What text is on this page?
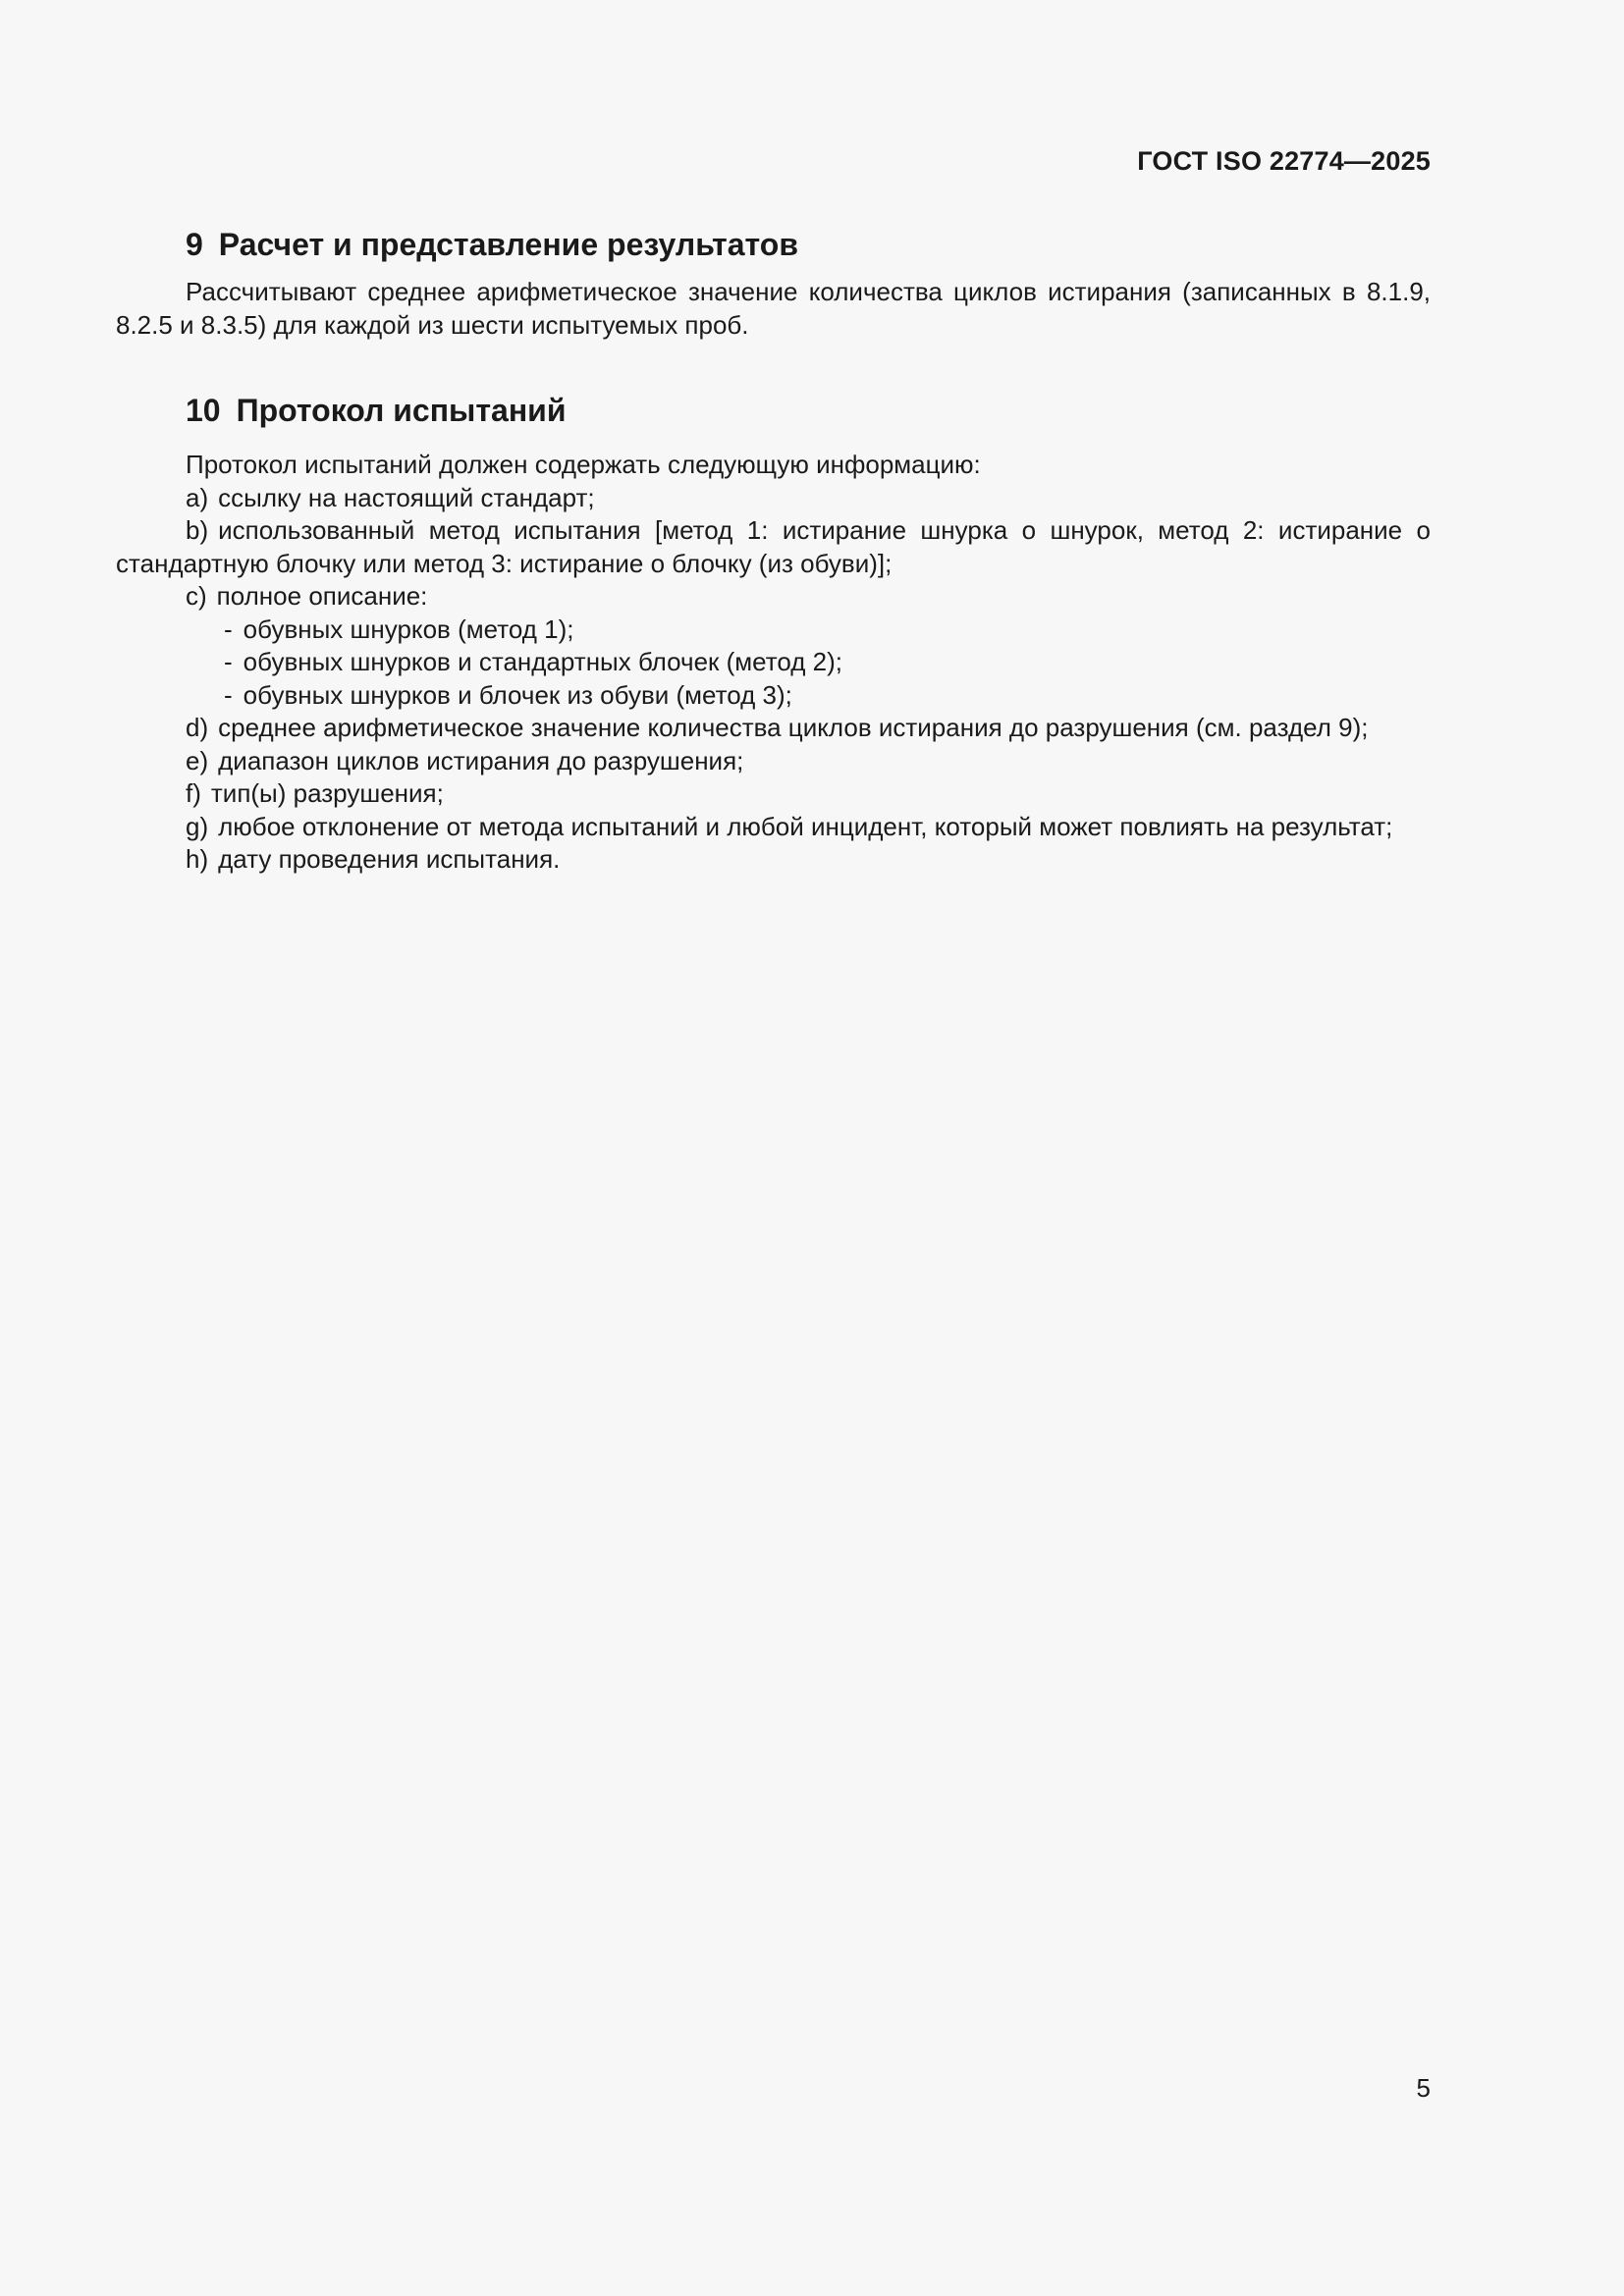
ГОСТ ISO 22774—2025
9 Расчет и представление результатов

Рассчитывают среднее арифметическое значение количества циклов истирания (записанных в 8.1.9, 8.2.5 и 8.3.5) для каждой из шести испытуемых проб.

10 Протокол испытаний

Протокол испытаний должен содержать следующую информацию:

a) ссылку на настоящий стандарт;
b) использованный метод испытания [метод 1: истирание шнурка о шнурок, метод 2: истирание о стандартную блочку или метод 3: истирание о блочку (из обуви)];
c) полное описание:
- обувных шнурков (метод 1);
- обувных шнурков и стандартных блочек (метод 2);
- обувных шнурков и блочек из обуви (метод 3);
d) среднее арифметическое значение количества циклов истирания до разрушения (см. раздел 9);
e) диапазон циклов истирания до разрушения;
f) тип(ы) разрушения;
g) любое отклонение от метода испытаний и любой инцидент, который может повлиять на результат;
h) дату проведения испытания.
5
